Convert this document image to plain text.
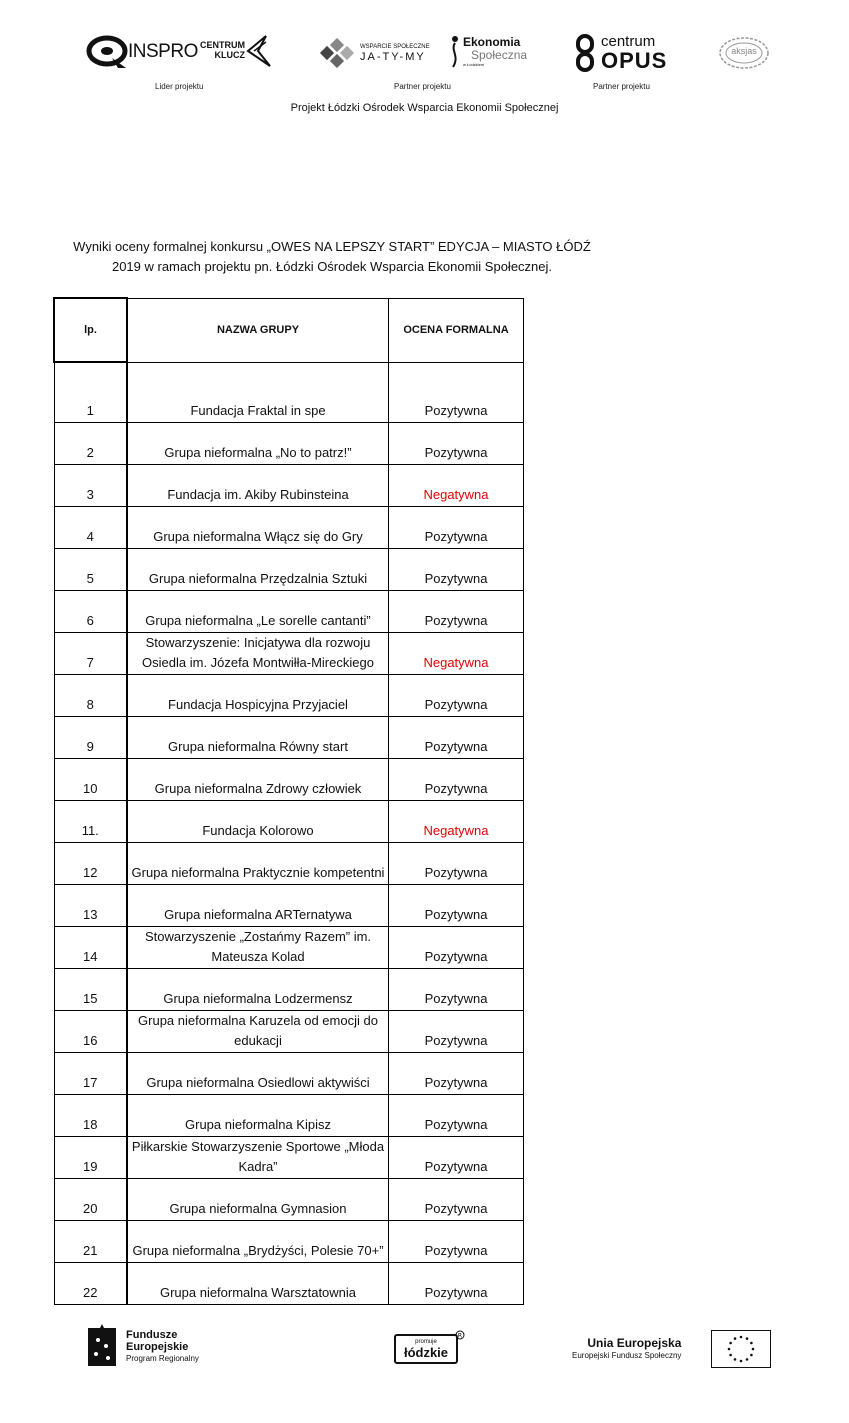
INSPRO CENTRUM
KLUCZ
WSPARCIE SPOŁECZNE
JA-TY-MY
Ekonomia
Społeczna
w Łódzkiem
centrum
OPUS	aksjas
Lider projektu	Partner projektu	Partner projektu
Projekt Łódzki Ośrodek Wsparcia Ekonomii Społecznej
Wyniki oceny formalnej konkursu „OWES NA LEPSZY START” EDYCJA – MIASTO ŁÓDŹ
2019 w ramach projektu pn. Łódzki Ośrodek Wsparcia Ekonomii Społecznej.
lp.	NAZWA GRUPY	OCENA FORMALNA

1	Fundacja Fraktal in spe	Pozytywna
2	Grupa nieformalna „No to patrz!”	Pozytywna
3	Fundacja im. Akiby Rubinsteina	Negatywna
4	Grupa nieformalna Włącz się do Gry	Pozytywna
5	Grupa nieformalna Przędzalnia Sztuki	Pozytywna
6	Grupa nieformalna „Le sorelle cantanti”	Pozytywna
7	Stowarzyszenie: Inicjatywa dla rozwoju Osiedla im. Józefa Montwiłła-Mireckiego	Negatywna
8	Fundacja Hospicyjna Przyjaciel	Pozytywna
9	Grupa nieformalna Równy start	Pozytywna
10	Grupa nieformalna Zdrowy człowiek	Pozytywna
11.	Fundacja Kolorowo	Negatywna
12	Grupa nieformalna Praktycznie kompetentni	Pozytywna
13	Grupa nieformalna ARTernatywa	Pozytywna
14	Stowarzyszenie „Zostańmy Razem” im. Mateusza Kolad	Pozytywna
15	Grupa nieformalna Lodzermensz	Pozytywna
16	Grupa nieformalna Karuzela od emocji do edukacji	Pozytywna
17	Grupa nieformalna Osiedlowi aktywiści	Pozytywna
18	Grupa nieformalna Kipisz	Pozytywna
19	Piłkarskie Stowarzyszenie Sportowe „Młoda Kadra”	Pozytywna
20	Grupa nieformalna Gymnasion	Pozytywna
21	Grupa nieformalna „Brydżyści, Polesie 70+”	Pozytywna
22	Grupa nieformalna Warsztatownia	Pozytywna
Fundusze
Europejskie
Program Regionalny
promuje
łódzkie
R	Unia Europejska
Europejski Fundusz Społeczny
